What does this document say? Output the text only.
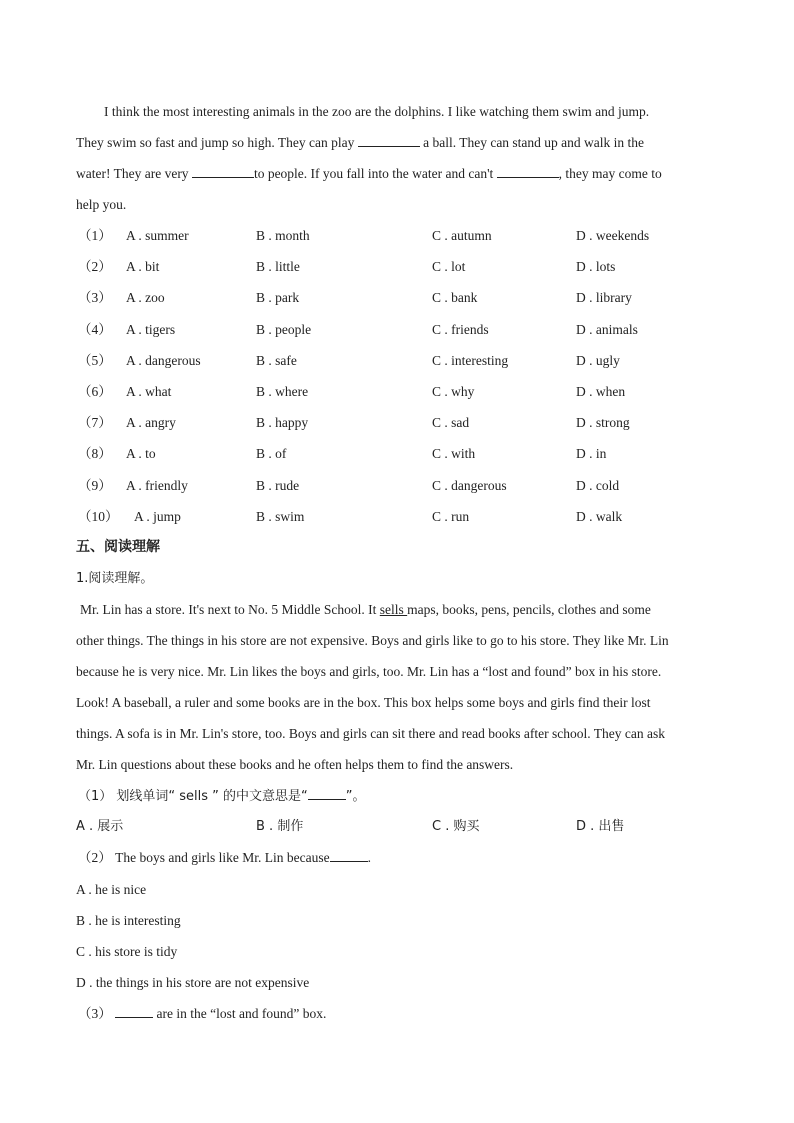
I think the most interesting animals in the zoo are the dolphins. I like watching them swim and jump.

They swim so fast and jump so high. They can play	a ball. They can stand up and walk in the

water! They are very	to people. If you fall into the water and can't	, they may come to

help you.

（1） A . summer	B . month	C . autumn	D . weekends
（2） A . bit	B . little	C . lot	D . lots
（3） A . zoo	B . park	C . bank	D . library
（4） A . tigers	B . people	C . friends	D . animals
（5） A . dangerous	B . safe	C . interesting	D . ugly
（6） A . what	B . where	C . why	D . when
（7） A . angry	B . happy	C . sad	D . strong
（8） A . to	B . of	C . with	D . in
（9） A . friendly	B . rude	C . dangerous	D . cold
（10） A . jump	B . swim	C . run	D . walk
五、阅读理解
1.阅读理解。

Mr. Lin has a store. It's next to No. 5 Middle School. It sells maps, books, pens, pencils, clothes and some

other things. The things in his store are not expensive. Boys and girls like to go to his store. They like Mr. Lin

because he is very nice. Mr. Lin likes the boys and girls, too. Mr. Lin has a “lost and found” box in his store.

Look! A baseball, a ruler and some books are in the box. This box helps some boys and girls find their lost

things. A sofa is in Mr. Lin's store, too. Boys and girls can sit there and read books after school. They can ask

Mr. Lin questions about these books and he often helps them to find the answers.

（1） 划线单词“ sells ” 的中文意思是“	”。
A . 展示	B . 制作	C . 购买	D . 出售
（2） The boys and girls like Mr. Lin because	.
A . he is nice
B . he is interesting
C . his store is tidy
D . the things in his store are not expensive
（3）	are in the “lost and found” box.
